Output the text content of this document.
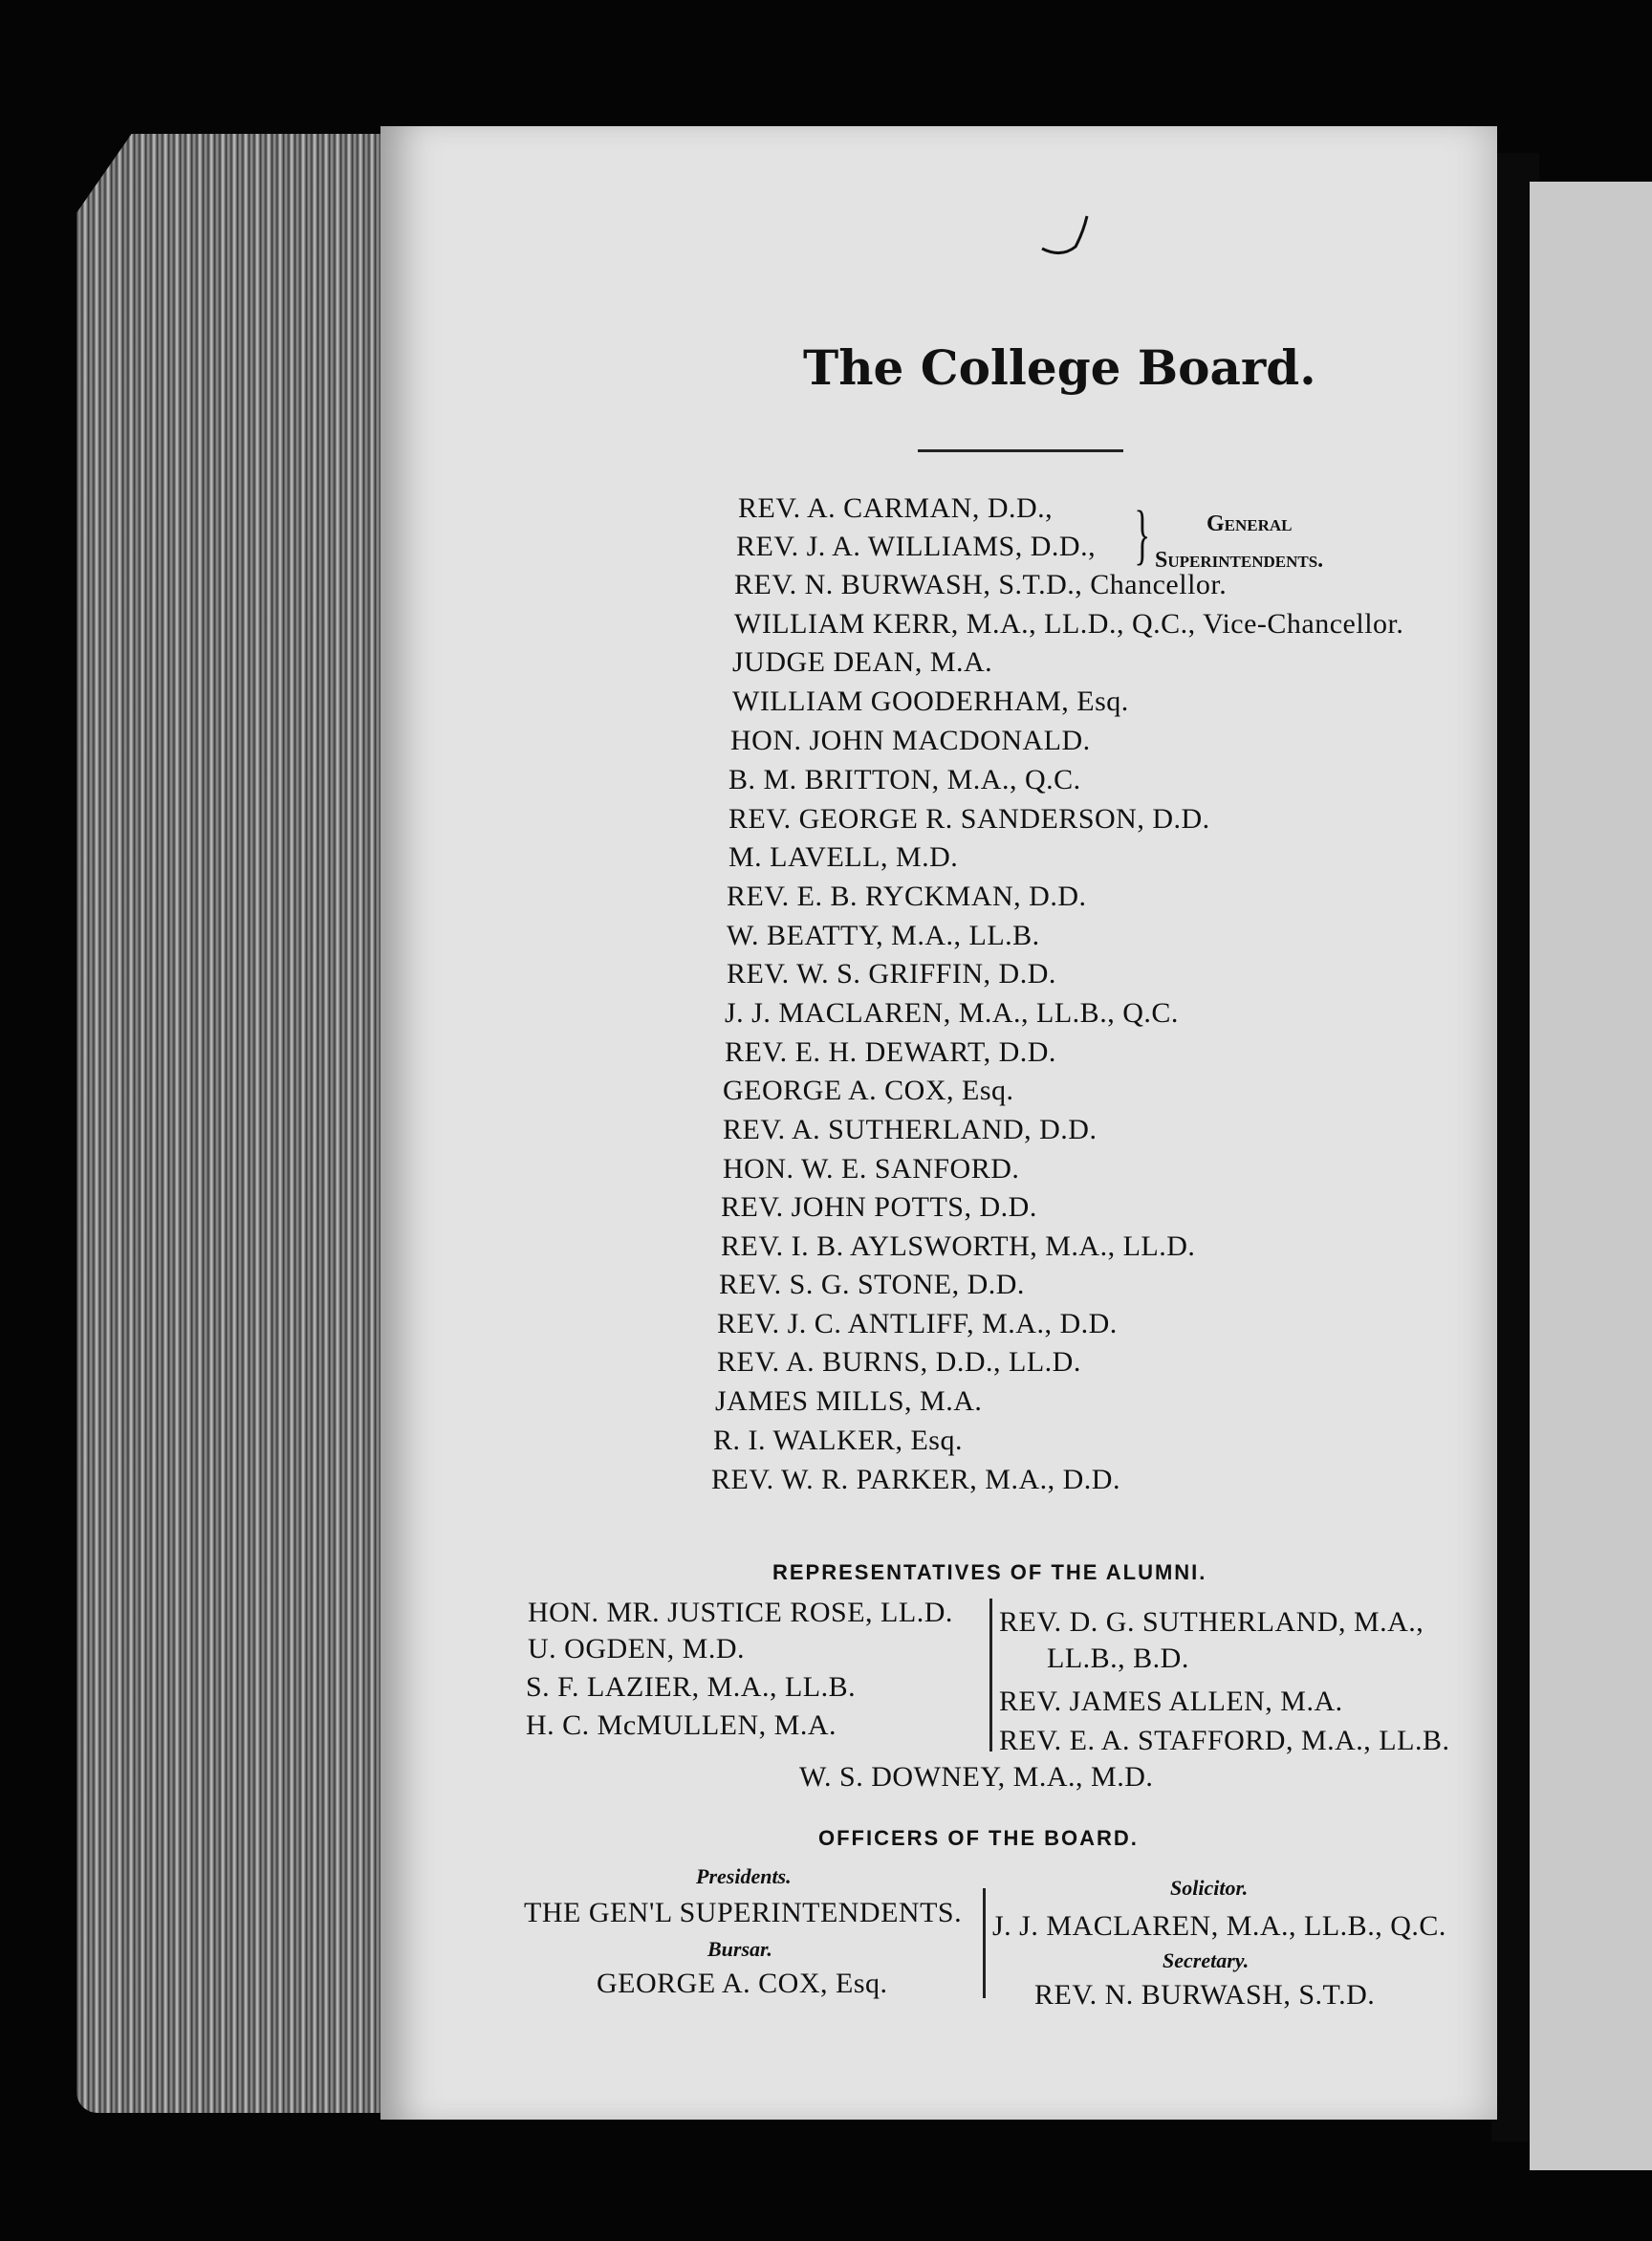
The College Board.
REV. A. CARMAN, D.D.,
REV. J. A. WILLIAMS, D.D.,
REV. N. BURWASH, S.T.D., Chancellor.
WILLIAM KERR, M.A., LL.D., Q.C., Vice-Chancellor.
JUDGE DEAN, M.A.
WILLIAM GOODERHAM, Esq.
HON. JOHN MACDONALD.
B. M. BRITTON, M.A., Q.C.
REV. GEORGE R. SANDERSON, D.D.
M. LAVELL, M.D.
REV. E. B. RYCKMAN, D.D.
W. BEATTY, M.A., LL.B.
REV. W. S. GRIFFIN, D.D.
J. J. MACLAREN, M.A., LL.B., Q.C.
REV. E. H. DEWART, D.D.
GEORGE A. COX, Esq.
REV. A. SUTHERLAND, D.D.
HON. W. E. SANFORD.
REV. JOHN POTTS, D.D.
REV. I. B. AYLSWORTH, M.A., LL.D.
REV. S. G. STONE, D.D.
REV. J. C. ANTLIFF, M.A., D.D.
REV. A. BURNS, D.D., LL.D.
JAMES MILLS, M.A.
R. I. WALKER, Esq.
REV. W. R. PARKER, M.A., D.D.
} General
Superintendents.
REPRESENTATIVES OF THE ALUMNI.
HON. MR. JUSTICE ROSE, LL.D.
U. OGDEN, M.D.
S. F. LAZIER, M.A., LL.B.
H. C. McMULLEN, M.A.
REV. D. G. SUTHERLAND, M.A.,
LL.B., B.D.
REV. JAMES ALLEN, M.A.
REV. E. A. STAFFORD, M.A., LL.B.
W. S. DOWNEY, M.A., M.D.
OFFICERS OF THE BOARD.
Presidents.
THE GEN'L SUPERINTENDENTS.
Bursar.
GEORGE A. COX, Esq.
Solicitor.
J. J. MACLAREN, M.A., LL.B., Q.C.
Secretary.
REV. N. BURWASH, S.T.D.
